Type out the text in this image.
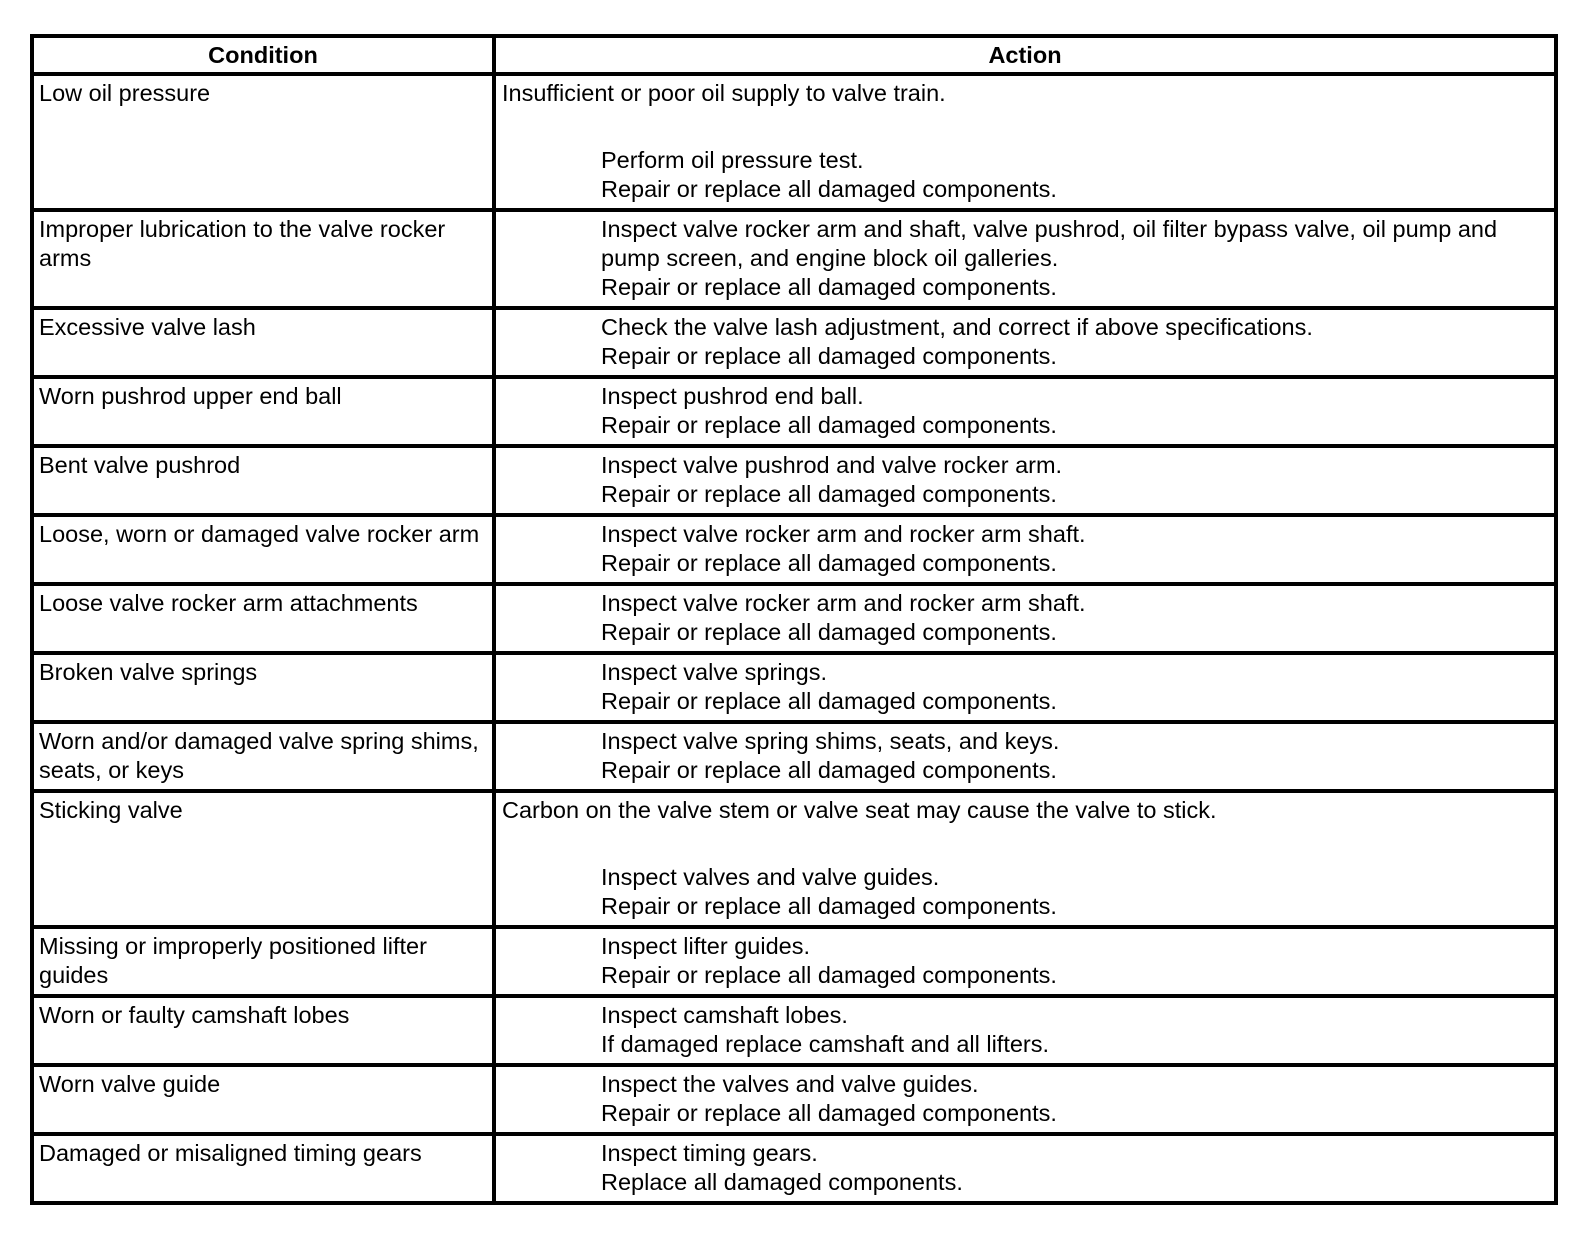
Condition	Action

Low oil pressure	Insufficient or poor oil supply to valve train.
Perform oil pressure test.
Repair or replace all damaged components.

Improper lubrication to the valve rocker arms	Inspect valve rocker arm and shaft, valve pushrod, oil filter bypass valve, oil pump and pump screen, and engine block oil galleries.
Repair or replace all damaged components.

Excessive valve lash	Check the valve lash adjustment, and correct if above specifications.
Repair or replace all damaged components.

Worn pushrod upper end ball	Inspect pushrod end ball.
Repair or replace all damaged components.

Bent valve pushrod	Inspect valve pushrod and valve rocker arm.
Repair or replace all damaged components.

Loose, worn or damaged valve rocker arm	Inspect valve rocker arm and rocker arm shaft.
Repair or replace all damaged components.

Loose valve rocker arm attachments	Inspect valve rocker arm and rocker arm shaft.
Repair or replace all damaged components.

Broken valve springs	Inspect valve springs.
Repair or replace all damaged components.

Worn and/or damaged valve spring shims, seats, or keys	Inspect valve spring shims, seats, and keys.
Repair or replace all damaged components.

Sticking valve	Carbon on the valve stem or valve seat may cause the valve to stick.
Inspect valves and valve guides.
Repair or replace all damaged components.

Missing or improperly positioned lifter guides	Inspect lifter guides.
Repair or replace all damaged components.

Worn or faulty camshaft lobes	Inspect camshaft lobes.
If damaged replace camshaft and all lifters.

Worn valve guide	Inspect the valves and valve guides.
Repair or replace all damaged components.

Damaged or misaligned timing gears	Inspect timing gears.
Replace all damaged components.
